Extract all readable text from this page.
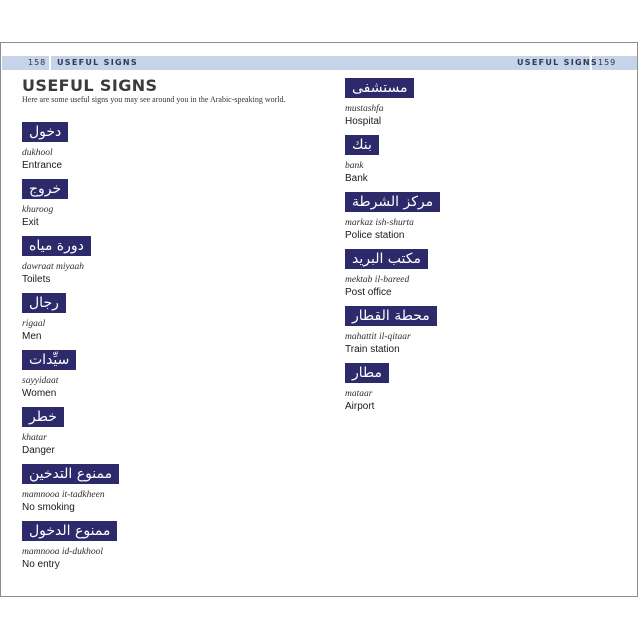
158 USEFUL SIGNS	USEFUL SIGNS 159
USEFUL SIGNS
Here are some useful signs you may see around you in the Arabic-speaking world.
دخول
dukhool
Entrance
خروج
khuroog
Exit
دورة مياه
dawraat miyaah
Toilets
رجال
rigaal
Men
سيِّدات
sayyidaat
Women
خطر
khatar
Danger
ممنوع التدخين
mamnooa it-tadkheen
No smoking
ممنوع الدخول
mamnooa id-dukhool
No entry
مستشفى
mustashfa
Hospital
بنك
bank
Bank
مركز الشرطة
markaz ish-shurta
Police station
مكتب البريد
mektab il-bareed
Post office
محطة القطار
mahattit il-qitaar
Train station
مطار
mataar
Airport
